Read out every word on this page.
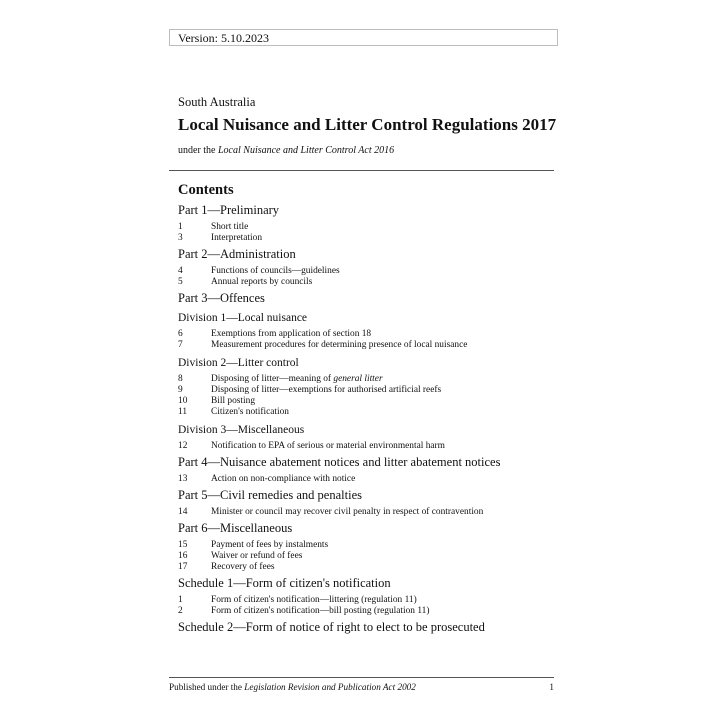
Version: 5.10.2023
South Australia
Local Nuisance and Litter Control Regulations 2017
under the Local Nuisance and Litter Control Act 2016
Contents
Part 1—Preliminary
1	Short title
3	Interpretation
Part 2—Administration
4	Functions of councils—guidelines
5	Annual reports by councils
Part 3—Offences
Division 1—Local nuisance
6	Exemptions from application of section 18
7	Measurement procedures for determining presence of local nuisance
Division 2—Litter control
8	Disposing of litter—meaning of general litter
9	Disposing of litter—exemptions for authorised artificial reefs
10	Bill posting
11	Citizen's notification
Division 3—Miscellaneous
12	Notification to EPA of serious or material environmental harm
Part 4—Nuisance abatement notices and litter abatement notices
13	Action on non-compliance with notice
Part 5—Civil remedies and penalties
14	Minister or council may recover civil penalty in respect of contravention
Part 6—Miscellaneous
15	Payment of fees by instalments
16	Waiver or refund of fees
17	Recovery of fees
Schedule 1—Form of citizen's notification
1	Form of citizen's notification—littering (regulation 11)
2	Form of citizen's notification—bill posting (regulation 11)
Schedule 2—Form of notice of right to elect to be prosecuted
Published under the Legislation Revision and Publication Act 2002	1
